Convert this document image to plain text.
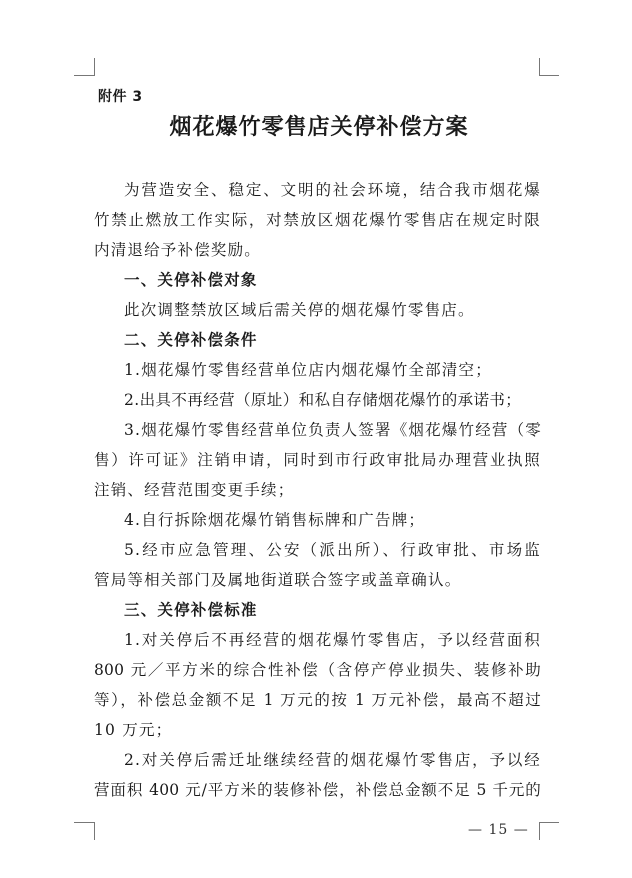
附件 3
烟花爆竹零售店关停补偿方案
为营造安全、稳定、文明的社会环境，结合我市烟花爆
竹禁止燃放工作实际，对禁放区烟花爆竹零售店在规定时限
内清退给予补偿奖励。
一、关停补偿对象
此次调整禁放区域后需关停的烟花爆竹零售店。
二、关停补偿条件
1.烟花爆竹零售经营单位店内烟花爆竹全部清空；
2.出具不再经营（原址）和私自存储烟花爆竹的承诺书；
3.烟花爆竹零售经营单位负责人签署《烟花爆竹经营（零
售）许可证》注销申请，同时到市行政审批局办理营业执照
注销、经营范围变更手续；
4.自行拆除烟花爆竹销售标牌和广告牌；
5.经市应急管理、公安（派出所）、行政审批、市场监
管局等相关部门及属地街道联合签字或盖章确认。
三、关停补偿标准
1.对关停后不再经营的烟花爆竹零售店，予以经营面积
800 元／平方米的综合性补偿（含停产停业损失、装修补助
等），补偿总金额不足 1 万元的按 1 万元补偿，最高不超过
10 万元；
2.对关停后需迁址继续经营的烟花爆竹零售店，予以经
营面积 400 元/平方米的装修补偿，补偿总金额不足 5 千元的
— 15 —
